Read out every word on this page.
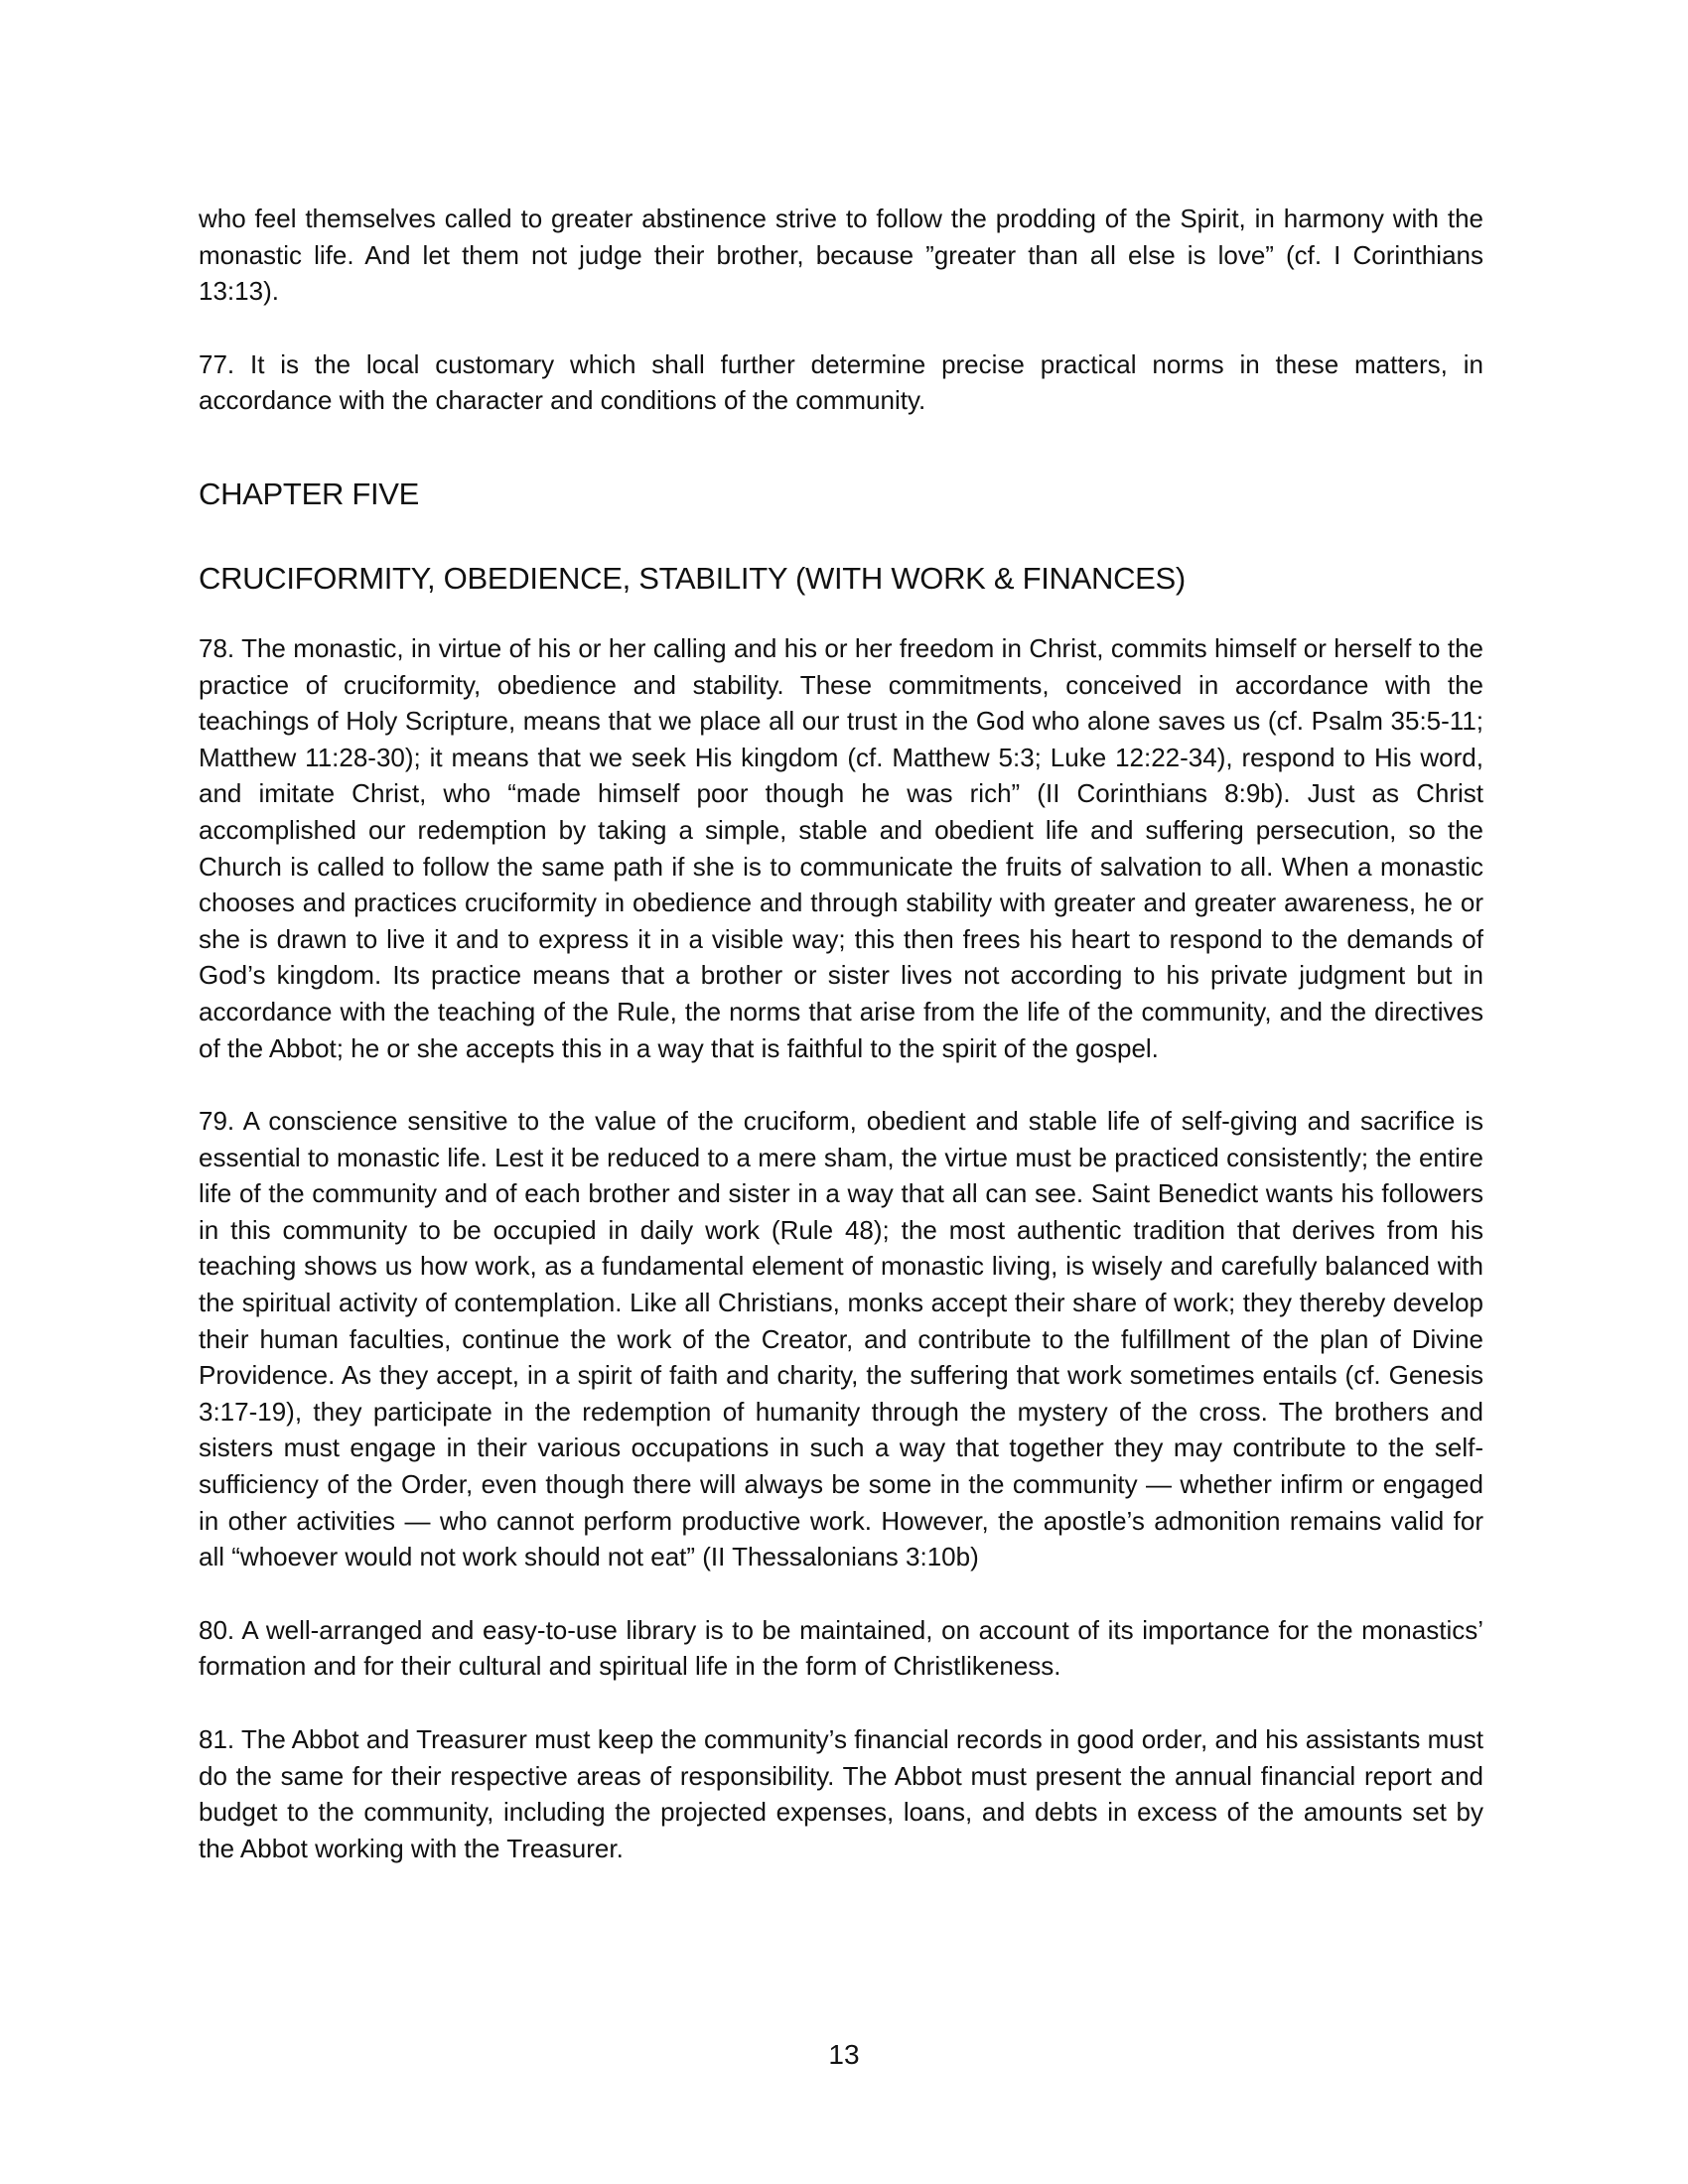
who feel themselves called to greater abstinence strive to follow the prodding of the Spirit, in harmony with the monastic life. And let them not judge their brother, because ”greater than all else is love” (cf. I Corinthians 13:13).

77. It is the local customary which shall further determine precise practical norms in these matters, in accordance with the character and conditions of the community.

CHAPTER FIVE
CRUCIFORMITY, OBEDIENCE, STABILITY (WITH WORK & FINANCES)

78. The monastic, in virtue of his or her calling and his or her freedom in Christ, commits himself or herself to the practice of cruciformity, obedience and stability. These commitments, conceived in accordance with the teachings of Holy Scripture, means that we place all our trust in the God who alone saves us (cf. Psalm 35:5-11; Matthew 11:28-30); it means that we seek His kingdom (cf. Matthew 5:3; Luke 12:22-34), respond to His word, and imitate Christ, who “made himself poor though he was rich” (II Corinthians 8:9b). Just as Christ accomplished our redemption by taking a simple, stable and obedient life and suffering persecution, so the Church is called to follow the same path if she is to communicate the fruits of salvation to all. When a monastic chooses and practices cruciformity in obedience and through stability with greater and greater awareness, he or she is drawn to live it and to express it in a visible way; this then frees his heart to respond to the demands of God’s kingdom. Its practice means that a brother or sister lives not according to his private judgment but in accordance with the teaching of the Rule, the norms that arise from the life of the community, and the directives of the Abbot; he or she accepts this in a way that is faithful to the spirit of the gospel.

79. A conscience sensitive to the value of the cruciform, obedient and stable life of self-giving and sacrifice is essential to monastic life. Lest it be reduced to a mere sham, the virtue must be practiced consistently; the entire life of the community and of each brother and sister in a way that all can see. Saint Benedict wants his followers in this community to be occupied in daily work (Rule 48); the most authentic tradition that derives from his teaching shows us how work, as a fundamental element of monastic living, is wisely and carefully balanced with the spiritual activity of contemplation. Like all Christians, monks accept their share of work; they thereby develop their human faculties, continue the work of the Creator, and contribute to the fulfillment of the plan of Divine Providence. As they accept, in a spirit of faith and charity, the suffering that work sometimes entails (cf. Genesis 3:17-19), they participate in the redemption of humanity through the mystery of the cross. The brothers and sisters must engage in their various occupations in such a way that together they may contribute to the self-sufficiency of the Order, even though there will always be some in the community — whether infirm or engaged in other activities — who cannot perform productive work. However, the apostle’s admonition remains valid for all “whoever would not work should not eat” (II Thessalonians 3:10b)

80. A well-arranged and easy-to-use library is to be maintained, on account of its importance for the monastics’ formation and for their cultural and spiritual life in the form of Christlikeness.

81. The Abbot and Treasurer must keep the community’s financial records in good order, and his assistants must do the same for their respective areas of responsibility. The Abbot must present the annual financial report and budget to the community, including the projected expenses, loans, and debts in excess of the amounts set by the Abbot working with the Treasurer.

13
